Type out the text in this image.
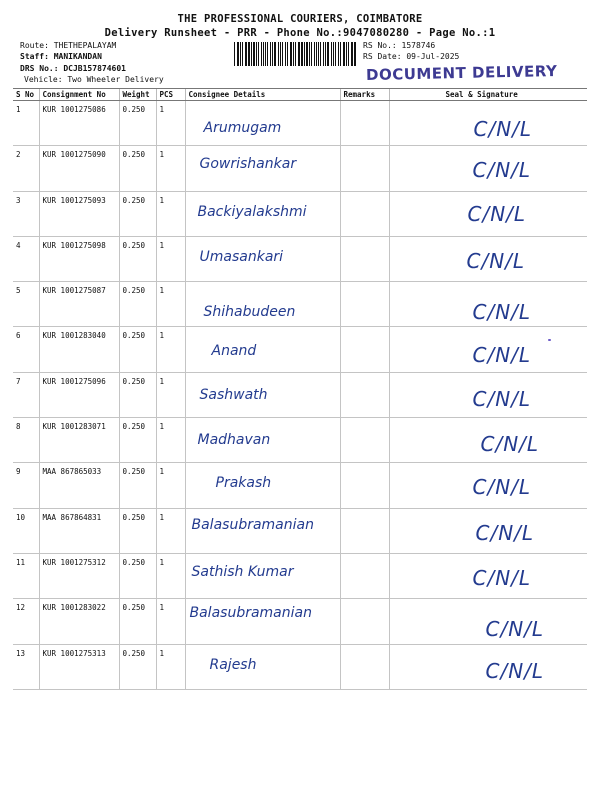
THE PROFESSIONAL COURIERS, COIMBATORE
Delivery Runsheet - PRR - Phone No.:9047080280 - Page No.:1
Route: THETHEPALAYAM
Staff: MANIKANDAN
DRS No.: DCJB157874601
Vehicle: Two Wheeler Delivery
RS No.: 1578746
RS Date: 09-Jul-2025
DOCUMENT DELIVERY
S No	Consignment No	Weight	PCS	Consignee Details	Remarks	Seal & Signature
1	KUR 1001275086	0.250	1	Arumugam		C/N/L

2	KUR 1001275090	0.250	1	Gowrishankar		C/N/L

3	KUR 1001275093	0.250	1	Backiyalakshmi		C/N/L

4	KUR 1001275098	0.250	1	Umasankari		C/N/L

5	KUR 1001275087	0.250	1	Shihabudeen		C/N/L

6	KUR 1001283040	0.250	1	Anand		C/N/L

7	KUR 1001275096	0.250	1	Sashwath		C/N/L

8	KUR 1001283071	0.250	1	Madhavan		C/N/L

9	MAA 867865033	0.250	1	Prakash		C/N/L

10	MAA 867864831	0.250	1	Balasubramanian		C/N/L

11	KUR 1001275312	0.250	1	Sathish Kumar		C/N/L

12	KUR 1001283022	0.250	1	Balasubramanian		C/N/L

13	KUR 1001275313	0.250	1	Rajesh		C/N/L
